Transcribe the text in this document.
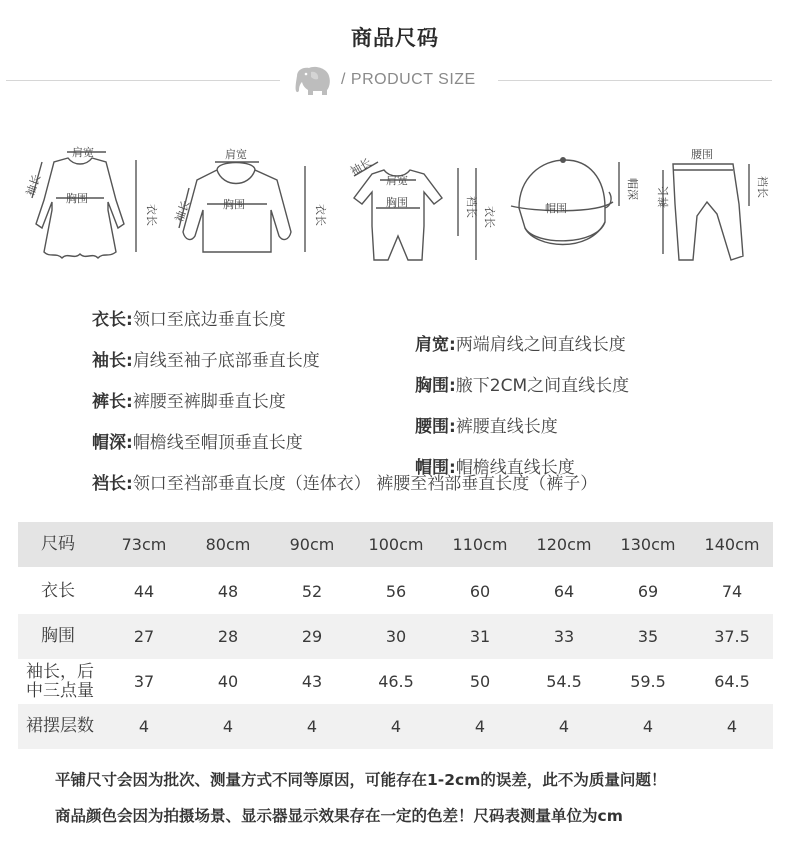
商品尺码
/ PRODUCT SIZE
肩宽
袖长
胸围
衣长
肩宽
袖长	胸围	衣长
袖长
肩宽
胸围	裆长 衣长	帽围
帽深
腰围
裤长	裆长
衣长:领口至底边垂直长度
肩宽:两端肩线之间直线长度
袖长:肩线至袖子底部垂直长度
胸围:腋下2CM之间直线长度
裤长:裤腰至裤脚垂直长度
腰围:裤腰直线长度
帽深:帽檐线至帽顶垂直长度
帽围:帽檐线直线长度
裆长:领口至裆部垂直长度（连体衣） 裤腰至裆部垂直长度（裤子）
尺码	73cm	80cm	90cm	100cm	110cm	120cm	130cm	140cm
衣长	44	48	52	56	60	64	69	74
胸围	27	28	29	30	31	33	35	37.5
袖长，后
中三点量	37	40	43	46.5	50	54.5	59.5	64.5
裙摆层数	4	4	4	4	4	4	4	4
平铺尺寸会因为批次、测量方式不同等原因，可能存在1-2cm的误差，此不为质量问题！
商品颜色会因为拍摄场景、显示器显示效果存在一定的色差！尺码表测量单位为cm
